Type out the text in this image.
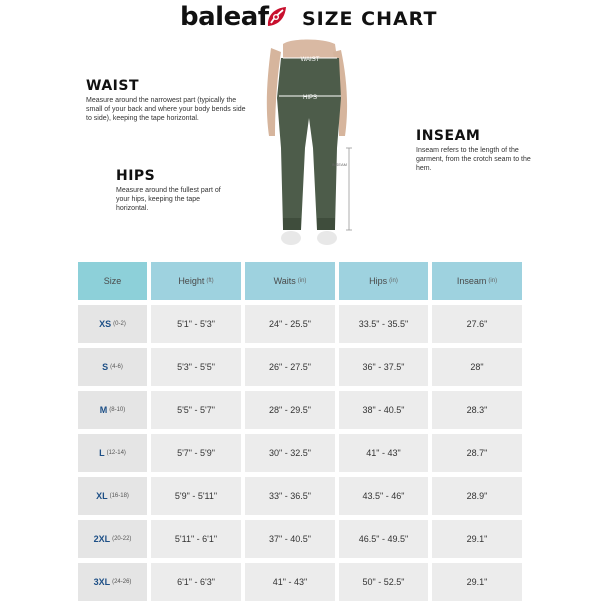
baleaf SIZE CHART
WAIST
Measure around the narrowest part (typically the small of your back and where your body bends side to side), keeping the tape horizontal.
HIPS
Measure around the fullest part of your hips, keeping the tape horizontal.
INSEAM
Inseam refers to the length of the garment, from the crotch seam to the hem.
WAIST
HIPS
INSEAM
Size	Height (ft)	Waits (in)	Hips (in)	Inseam (in)
XS (0-2)	5'1" - 5'3"	24" - 25.5"	33.5" - 35.5"	27.6"
S (4-6)	5'3" - 5'5"	26" - 27.5"	36" - 37.5"	28"
M (8-10)	5'5" - 5'7"	28" - 29.5"	38" - 40.5"	28.3"
L (12-14)	5'7" - 5'9"	30" - 32.5"	41" - 43"	28.7"
XL (16-18)	5'9" - 5'11"	33" - 36.5"	43.5" - 46"	28.9"
2XL (20-22)	5'11" - 6'1"	37" - 40.5"	46.5" - 49.5"	29.1"
3XL (24-26)	6'1" - 6'3"	41" - 43"	50" - 52.5"	29.1"
